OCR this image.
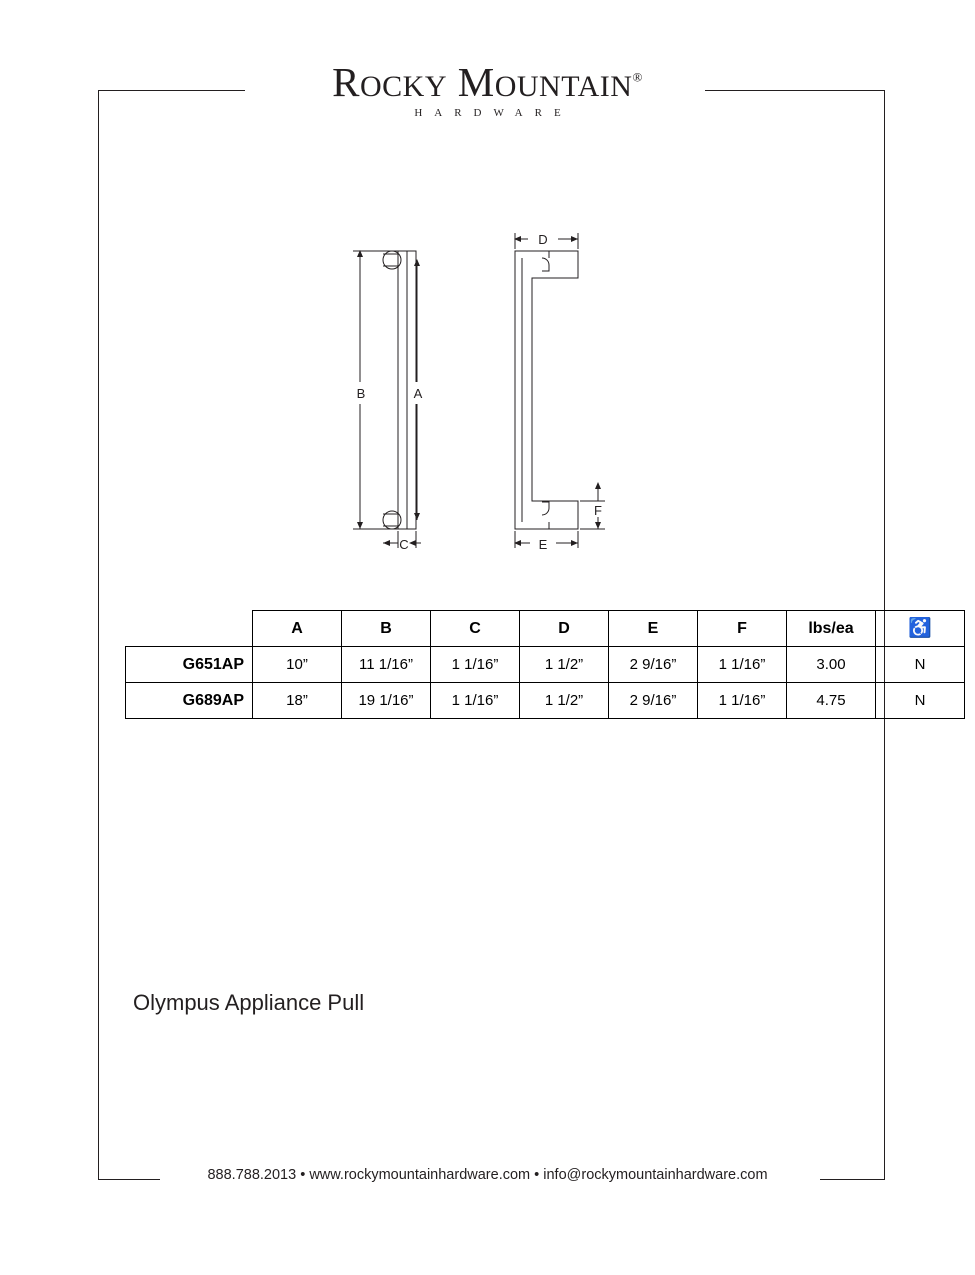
ROCKY MOUNTAIN®
HARDWARE
B	A
C
D
E
F
	A	B	C	D	E	F	lbs/ea	♿
G651AP	10”	11 1/16”	1 1/16”	1 1/2”	2 9/16”	1 1/16”	3.00	N
G689AP	18”	19 1/16”	1 1/16”	1 1/2”	2 9/16”	1 1/16”	4.75	N
Olympus Appliance Pull
888.788.2013 • www.rockymountainhardware.com • info@rockymountainhardware.com
